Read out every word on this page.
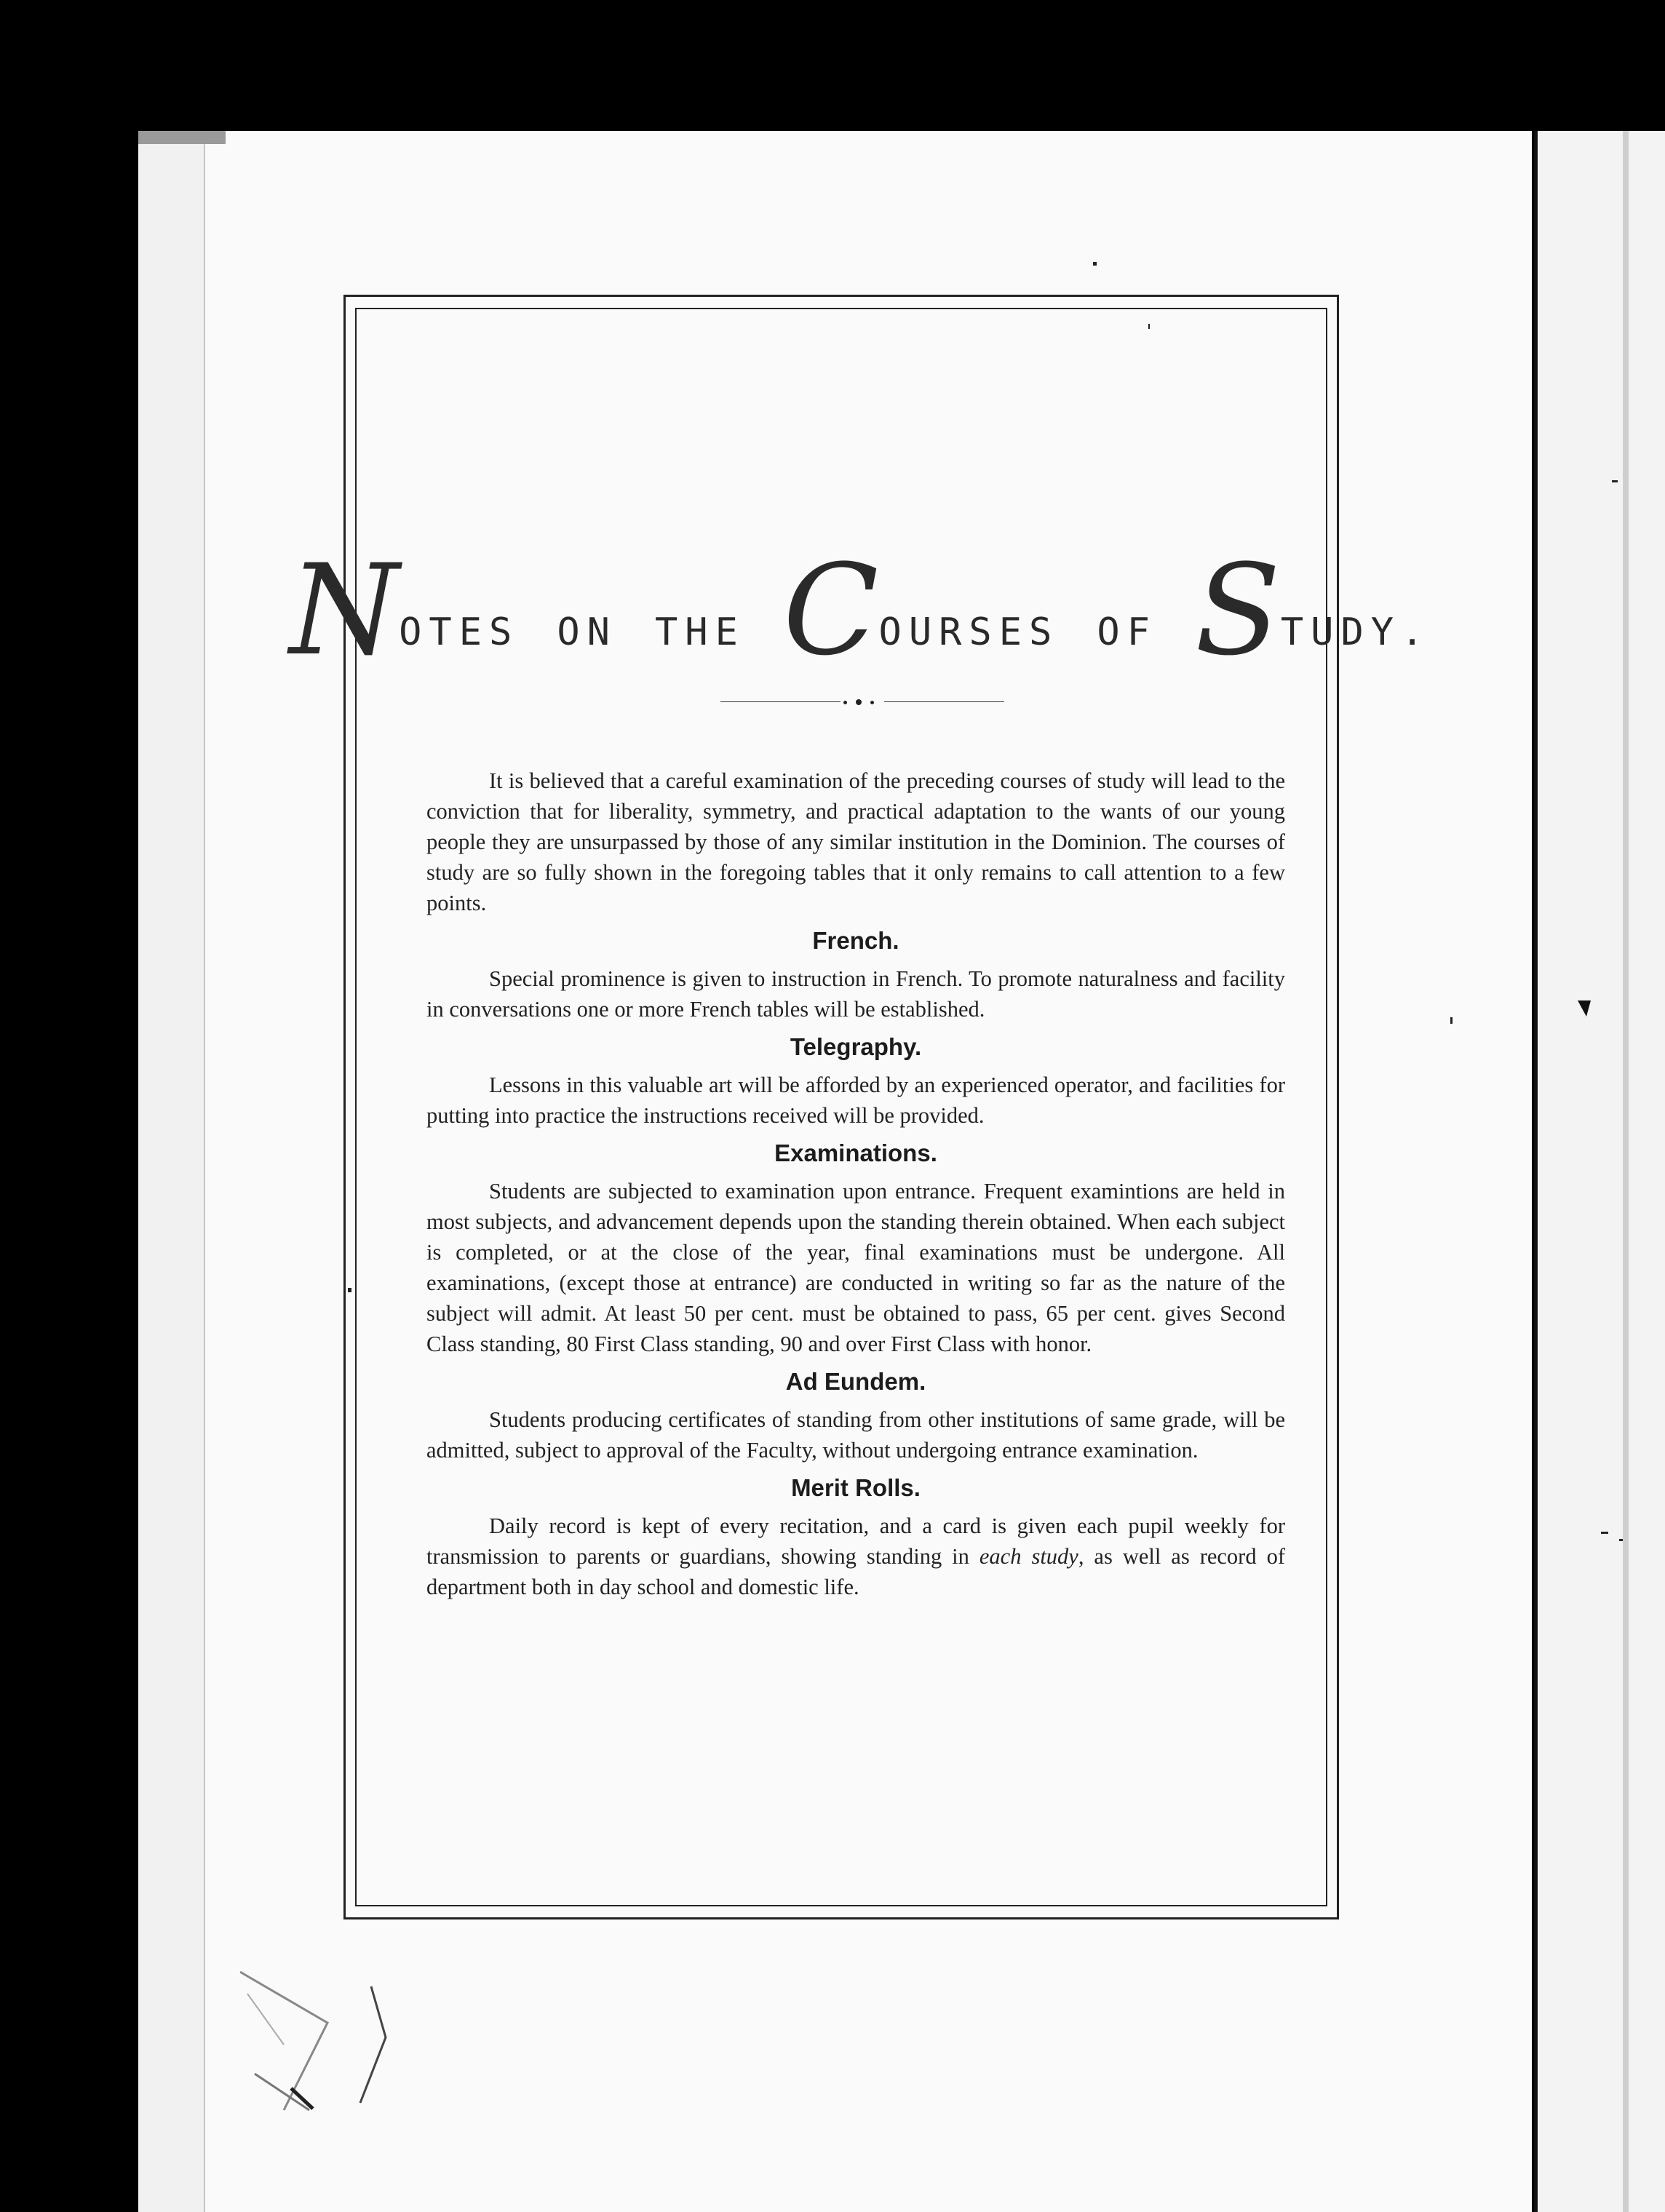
N OTES ON THE C OURSES OF S TUDY.

It is believed that a careful examination of the preceding courses of study will lead to the conviction that for liberality, symmetry, and practical adaptation to the wants of our young people they are unsurpassed by those of any similar institution in the Dominion. The courses of study are so fully shown in the foregoing tables that it only remains to call attention to a few points.

French.

Special prominence is given to instruction in French. To promote naturalness and facility in conversations one or more French tables will be established.

Telegraphy.

Lessons in this valuable art will be afforded by an experienced operator, and facilities for putting into practice the instructions received will be provided.

Examinations.

Students are subjected to examination upon entrance. Frequent examintions are held in most subjects, and advancement depends upon the standing therein obtained. When each subject is completed, or at the close of the year, final examinations must be undergone. All examinations, (except those at entrance) are conducted in writing so far as the nature of the subject will admit. At least 50 per cent. must be obtained to pass, 65 per cent. gives Second Class standing, 80 First Class standing, 90 and over First Class with honor.

Ad Eundem.

Students producing certificates of standing from other institutions of same grade, will be admitted, subject to approval of the Faculty, without undergoing entrance examination.

Merit Rolls.

Daily record is kept of every recitation, and a card is given each pupil weekly for transmission to parents or guardians, showing standing in each study, as well as record of department both in day school and domestic life.
